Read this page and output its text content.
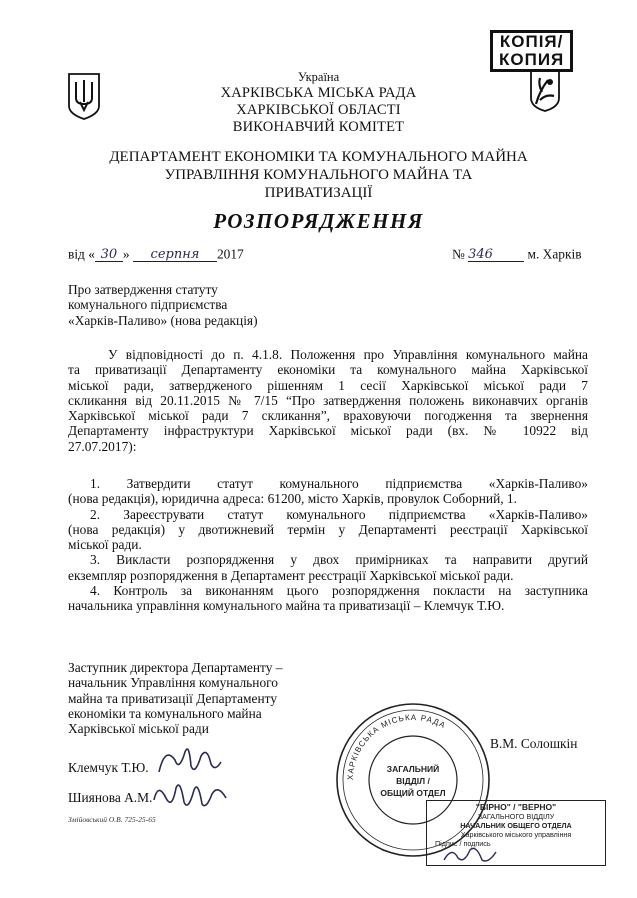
КОПІЯ/
КОПИЯ
Україна
ХАРКІВСЬКА МІСЬКА РАДА
ХАРКІВСЬКОЇ ОБЛАСТІ
ВИКОНАВЧИЙ КОМІТЕТ
ДЕПАРТАМЕНТ ЕКОНОМІКИ ТА КОМУНАЛЬНОГО МАЙНА
УПРАВЛІННЯ КОМУНАЛЬНОГО МАЙНА ТА
ПРИВАТИЗАЦІЇ
РОЗПОРЯДЖЕННЯ
від « 30 » серпня 2017	№ 346	м. Харків
Про затвердження статуту
комунального підприємства
«Харків-Паливо» (нова редакція)
У відповідності до п. 4.1.8. Положення про Управління комунального майна
та приватизації Департаменту економіки та комунального майна Харківської
міської ради, затвердженого рішенням 1 сесії Харківської міської ради 7
скликання від 20.11.2015 № 7/15 “Про затвердження положень виконавчих органів
Харківської міської ради 7 скликання”, враховуючи погодження та звернення
Департаменту інфраструктури Харківської міської ради (вх. № 10922 від
27.07.2017):
1. Затвердити статут комунального підприємства «Харків-Паливо»
(нова редакція), юридична адреса: 61200, місто Харків, провулок Соборний, 1.
2. Зареєструвати статут комунального підприємства «Харків-Паливо»
(нова редакція) у двотижневий термін у Департаменті реєстрації Харківської
міської ради.
3. Викласти розпорядження у двох примірниках та направити другий
екземпляр розпорядження в Департамент реєстрації Харківської міської ради.
4. Контроль за виконанням цього розпорядження покласти на заступника
начальника управління комунального майна та приватизації – Клемчук Т.Ю.
Заступник директора Департаменту –
начальник Управління комунального
майна та приватизації Департаменту
економіки та комунального майна
Харківської міської ради
В.М. Солошкін
Клемчук Т.Ю.
Шиянова А.М.
Змійовський О.В. 725-25-65
ХАРКІВСЬКА МІСЬКА РАДА
ЗАГАЛЬНИЙ
ВІДДІЛ /
ОБЩИЙ ОТДЕЛ
"ВІРНО" / "ВЕРНО"
ЗАГАЛЬНОГО ВІДДІЛУ
НАЧАЛЬНИК ОБЩЕГО ОТДЕЛА
Харківського міського управління
Підпис / подпись
